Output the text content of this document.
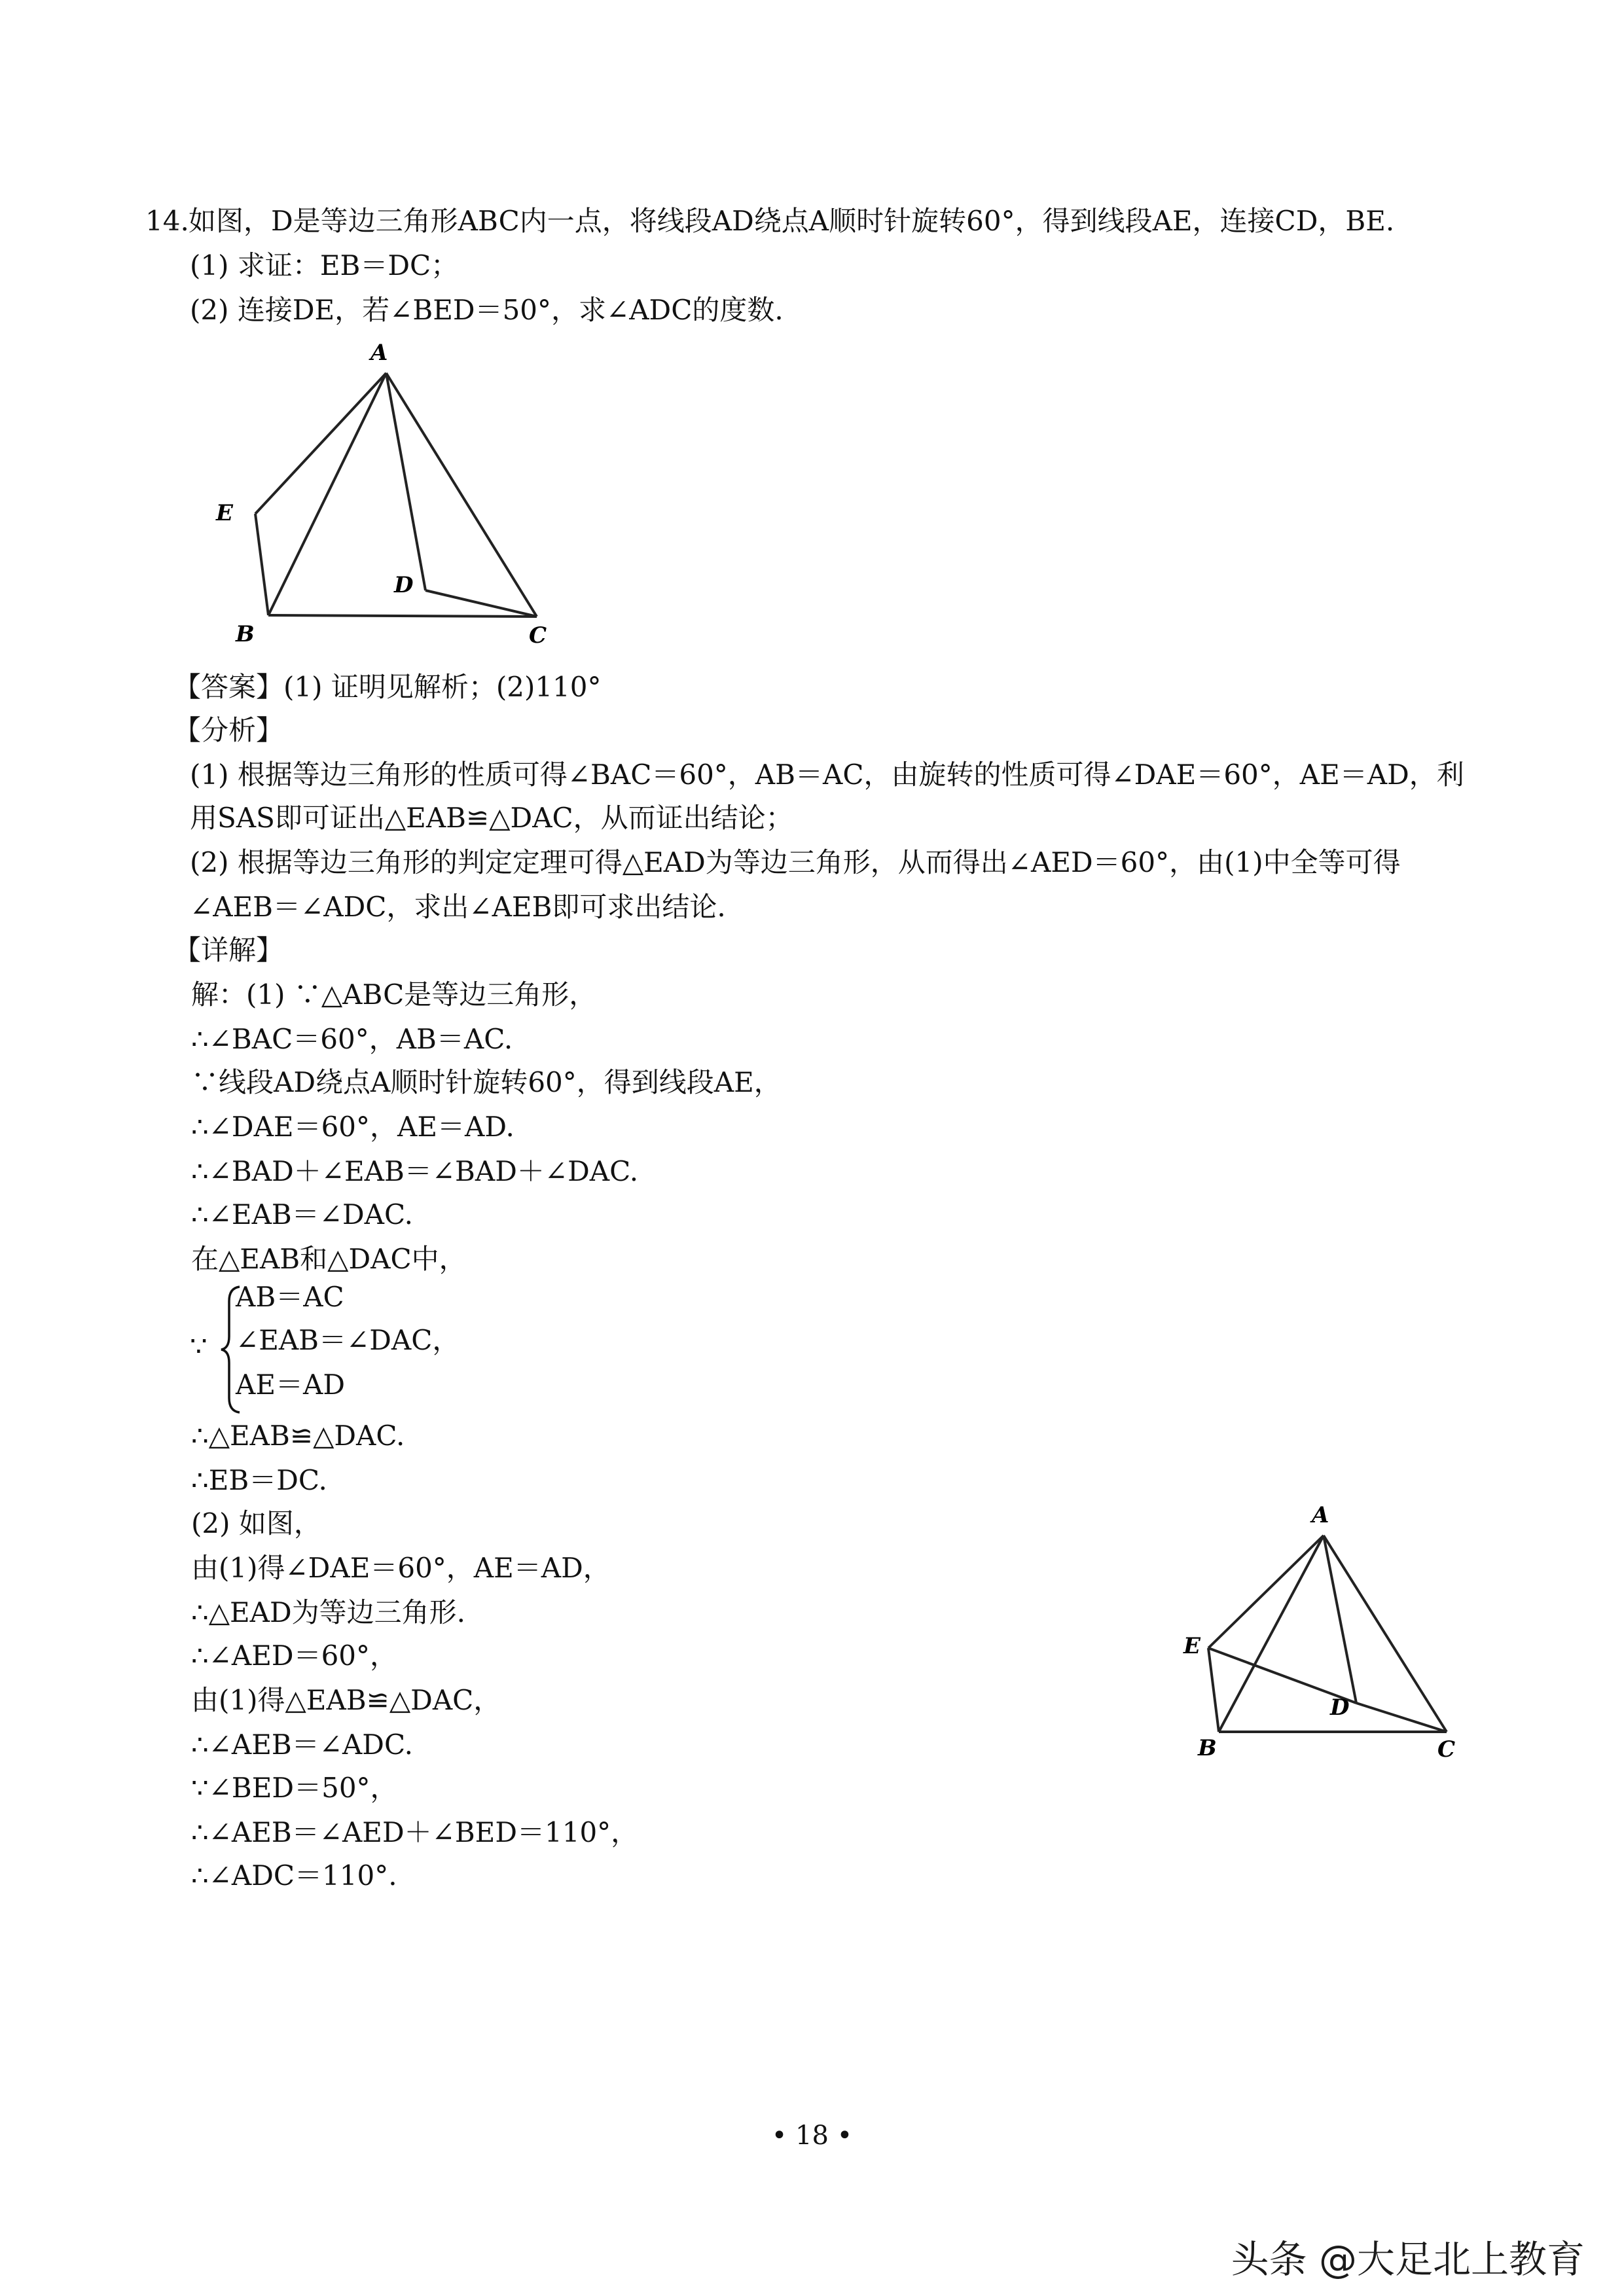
14. 如图，D是等边三角形ABC内一点，将线段AD绕点A顺时针旋转60°，得到线段AE，连接CD，BE.
(1) 求证：EB＝DC；
(2) 连接DE，若∠BED＝50°，求∠ADC的度数.
A
E
D
B	C
【答案】(1) 证明见解析；(2)110°
【分析】
(1) 根据等边三角形的性质可得∠BAC＝60°，AB＝AC，由旋转的性质可得∠DAE＝60°，AE＝AD，利
用SAS即可证出△EAB≌△DAC，从而证出结论；
(2) 根据等边三角形的判定定理可得△EAD为等边三角形，从而得出∠AED＝60°，由(1)中全等可得
∠AEB＝∠ADC，求出∠AEB即可求出结论.
【详解】
解：(1) ∵△ABC是等边三角形，
∴∠BAC＝60°，AB＝AC.
∵线段AD绕点A顺时针旋转60°，得到线段AE，
∴∠DAE＝60°，AE＝AD.
∴∠BAD＋∠EAB＝∠BAD＋∠DAC.
∴∠EAB＝∠DAC.
在△EAB和△DAC中，
∵
AB＝AC
∠EAB＝∠DAC，
AE＝AD
∴△EAB≌△DAC.
∴EB＝DC.
(2) 如图，
由(1)得∠DAE＝60°，AE＝AD，
∴△EAD为等边三角形.
∴∠AED＝60°，
由(1)得△EAB≌△DAC，
∴∠AEB＝∠ADC.
∵∠BED＝50°，
∴∠AEB＝∠AED＋∠BED＝110°，
∴∠ADC＝110°.
A
E
D
B	C
• 18 •
头条 @大足北上教育
